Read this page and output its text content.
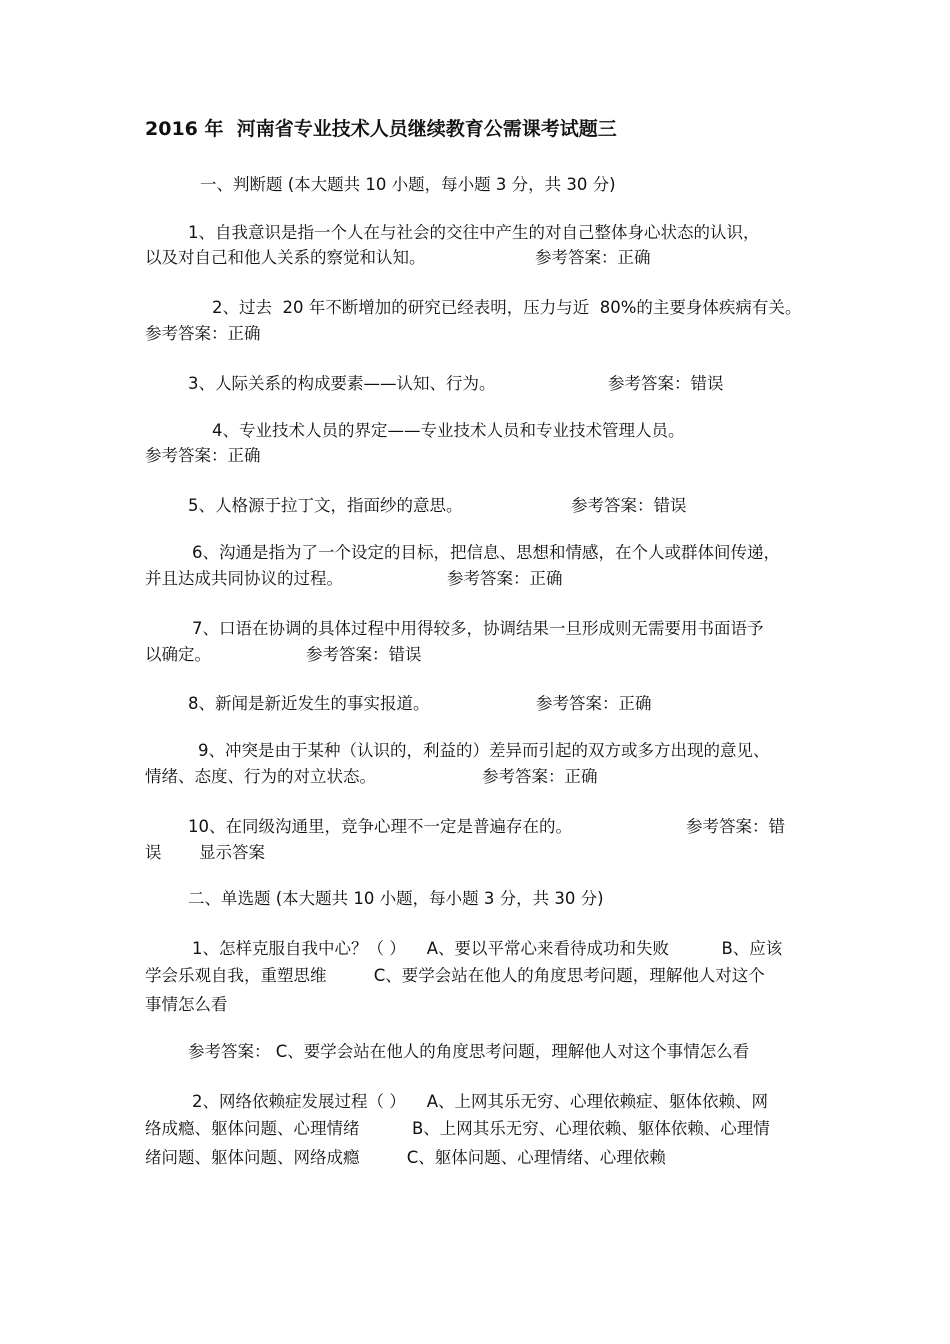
2016 年  河南省专业技术人员继续教育公需课考试题三
一、判断题 (本大题共 10 小题，每小题 3 分，共 30 分)
1、自我意识是指一个人在与社会的交往中产生的对自己整体身心状态的认识，
以及对自己和他人关系的察觉和认知。	参考答案：正确
2、过去  20 年不断增加的研究已经表明，压力与近  80%的主要身体疾病有关。
参考答案：正确
3、人际关系的构成要素——认知、行为。	参考答案：错误
4、专业技术人员的界定——专业技术人员和专业技术管理人员。
参考答案：正确
5、人格源于拉丁文，指面纱的意思。	参考答案：错误
6、沟通是指为了一个设定的目标，把信息、思想和情感，在个人或群体间传递，
并且达成共同协议的过程。	参考答案：正确
7、口语在协调的具体过程中用得较多，协调结果一旦形成则无需要用书面语予
以确定。	参考答案：错误
8、新闻是新近发生的事实报道。	参考答案：正确
9、冲突是由于某种（认识的，利益的）差异而引起的双方或多方出现的意见、
情绪、态度、行为的对立状态。	参考答案：正确
10、在同级沟通里，竞争心理不一定是普遍存在的。	参考答案：错
误 显示答案
二、单选题 (本大题共 10 小题，每小题 3 分，共 30 分)
1、怎样克服自我中心？（ ）    A、要以平常心来看待成功和失败          B、应该
学会乐观自我，重塑思维         C、要学会站在他人的角度思考问题，理解他人对这个
事情怎么看
参考答案： C、要学会站在他人的角度思考问题，理解他人对这个事情怎么看
2、网络依赖症发展过程（ ）    A、上网其乐无穷、心理依赖症、躯体依赖、网
络成瘾、躯体问题、心理情绪          B、上网其乐无穷、心理依赖、躯体依赖、心理情
绪问题、躯体问题、网络成瘾         C、躯体问题、心理情绪、心理依赖
